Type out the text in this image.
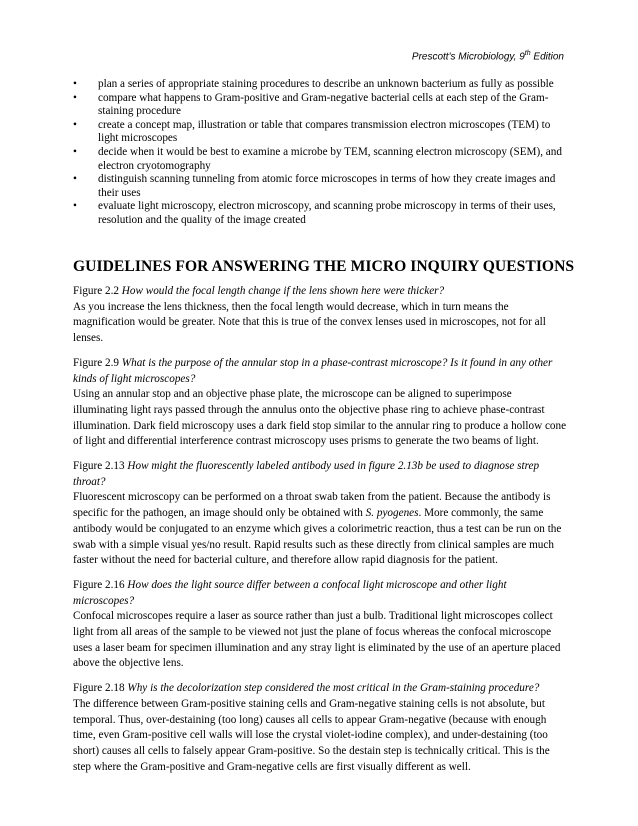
Prescott's Microbiology, 9th Edition
• plan a series of appropriate staining procedures to describe an unknown bacterium as fully as possible
• compare what happens to Gram-positive and Gram-negative bacterial cells at each step of the Gram-staining procedure
• create a concept map, illustration or table that compares transmission electron microscopes (TEM) to light microscopes
• decide when it would be best to examine a microbe by TEM, scanning electron microscopy (SEM), and electron cryotomography
• distinguish scanning tunneling from atomic force microscopes in terms of how they create images and their uses
• evaluate light microscopy, electron microscopy, and scanning probe microscopy in terms of their uses, resolution and the quality of the image created
GUIDELINES FOR ANSWERING THE MICRO INQUIRY QUESTIONS

Figure 2.2 How would the focal length change if the lens shown here were thicker?

As you increase the lens thickness, then the focal length would decrease, which in turn means the magnification would be greater. Note that this is true of the convex lenses used in microscopes, not for all lenses.

Figure 2.9 What is the purpose of the annular stop in a phase-contrast microscope? Is it found in any other kinds of light microscopes?

Using an annular stop and an objective phase plate, the microscope can be aligned to superimpose illuminating light rays passed through the annulus onto the objective phase ring to achieve phase-contrast illumination. Dark field microscopy uses a dark field stop similar to the annular ring to produce a hollow cone of light and differential interference contrast microscopy uses prisms to generate the two beams of light.

Figure 2.13 How might the fluorescently labeled antibody used in figure 2.13b be used to diagnose strep throat?

Fluorescent microscopy can be performed on a throat swab taken from the patient. Because the antibody is specific for the pathogen, an image should only be obtained with S. pyogenes. More commonly, the same antibody would be conjugated to an enzyme which gives a colorimetric reaction, thus a test can be run on the swab with a simple visual yes/no result. Rapid results such as these directly from clinical samples are much faster without the need for bacterial culture, and therefore allow rapid diagnosis for the patient.

Figure 2.16 How does the light source differ between a confocal light microscope and other light microscopes?

Confocal microscopes require a laser as source rather than just a bulb. Traditional light microscopes collect light from all areas of the sample to be viewed not just the plane of focus whereas the confocal microscope uses a laser beam for specimen illumination and any stray light is eliminated by the use of an aperture placed above the objective lens.

Figure 2.18 Why is the decolorization step considered the most critical in the Gram-staining procedure?

The difference between Gram-positive staining cells and Gram-negative staining cells is not absolute, but temporal. Thus, over-destaining (too long) causes all cells to appear Gram-negative (because with enough time, even Gram-positive cell walls will lose the crystal violet-iodine complex), and under-destaining (too short) causes all cells to falsely appear Gram-positive. So the destain step is technically critical. This is the step where the Gram-positive and Gram-negative cells are first visually different as well.
